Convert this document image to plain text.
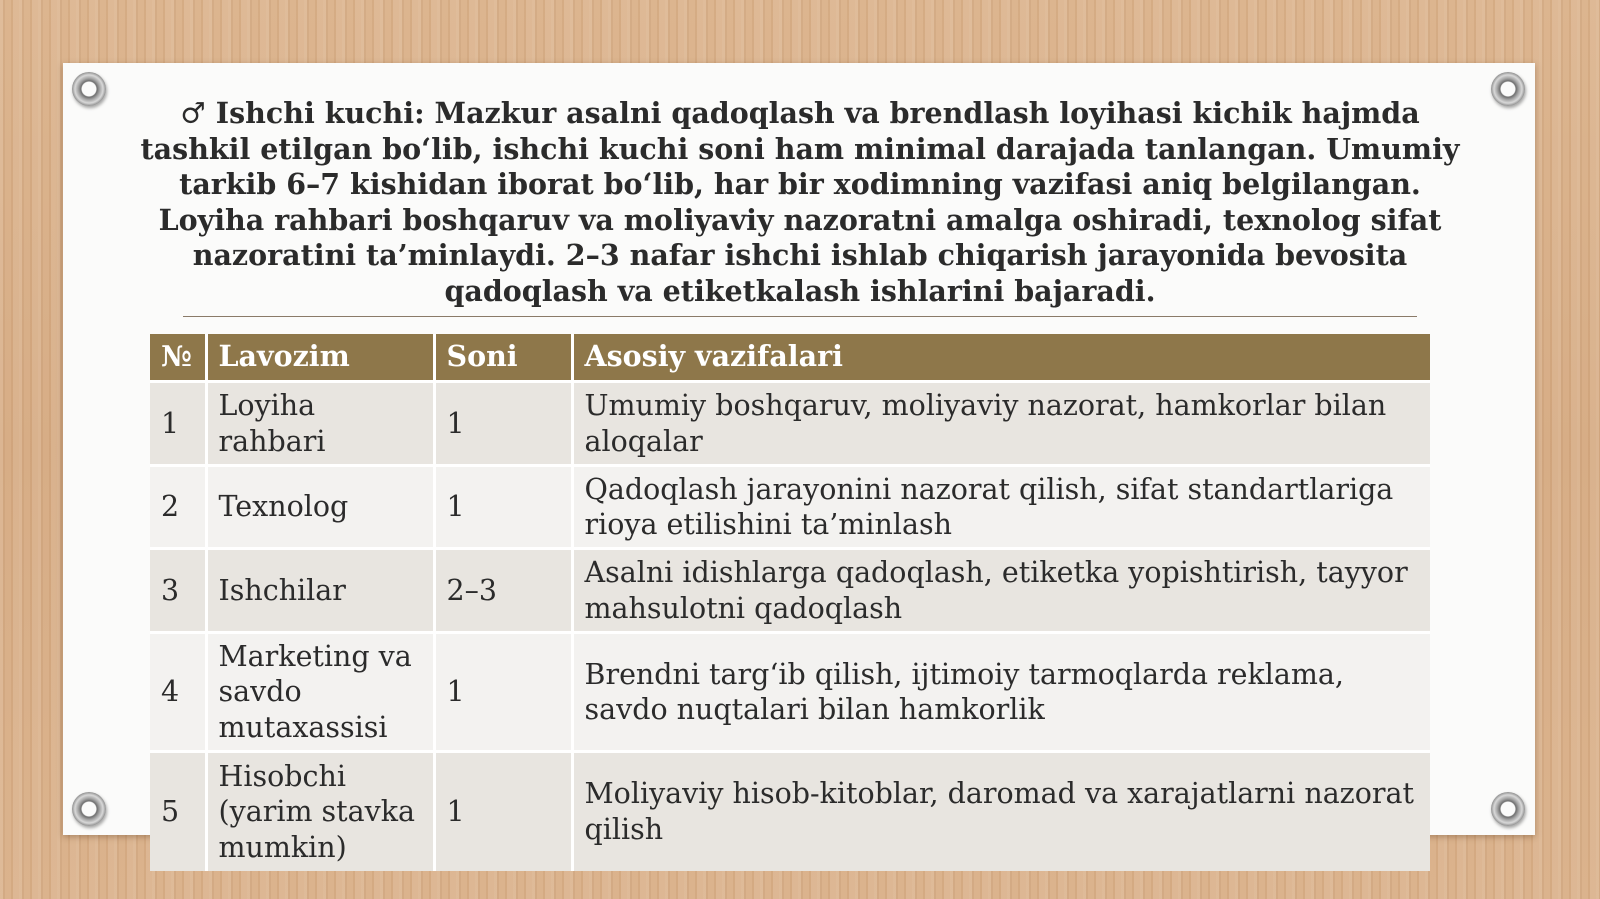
♂ Ishchi kuchi: Mazkur asalni qadoqlash va brendlash loyihasi kichik hajmda tashkil etilgan bo‘lib, ishchi kuchi soni ham minimal darajada tanlangan. Umumiy tarkib 6–7 kishidan iborat bo‘lib, har bir xodimning vazifasi aniq belgilangan. Loyiha rahbari boshqaruv va moliyaviy nazoratni amalga oshiradi, texnolog sifat nazoratini ta’minlaydi. 2–3 nafar ishchi ishlab chiqarish jarayonida bevosita qadoqlash va etiketkalash ishlarini bajaradi.
№	Lavozim	Soni	Asosiy vazifalari
1	Loyiha rahbari	1	Umumiy boshqaruv, moliyaviy nazorat, hamkorlar bilan aloqalar
2	Texnolog	1	Qadoqlash jarayonini nazorat qilish, sifat standartlariga rioya etilishini ta’minlash
3	Ishchilar	2–3	Asalni idishlarga qadoqlash, etiketka yopishtirish, tayyor mahsulotni qadoqlash
4	Marketing va savdo mutaxassisi	1	Brendni targ‘ib qilish, ijtimoiy tarmoqlarda reklama, savdo nuqtalari bilan hamkorlik
5	Hisobchi (yarim stavka mumkin)	1	Moliyaviy hisob-kitoblar, daromad va xarajatlarni nazorat qilish
